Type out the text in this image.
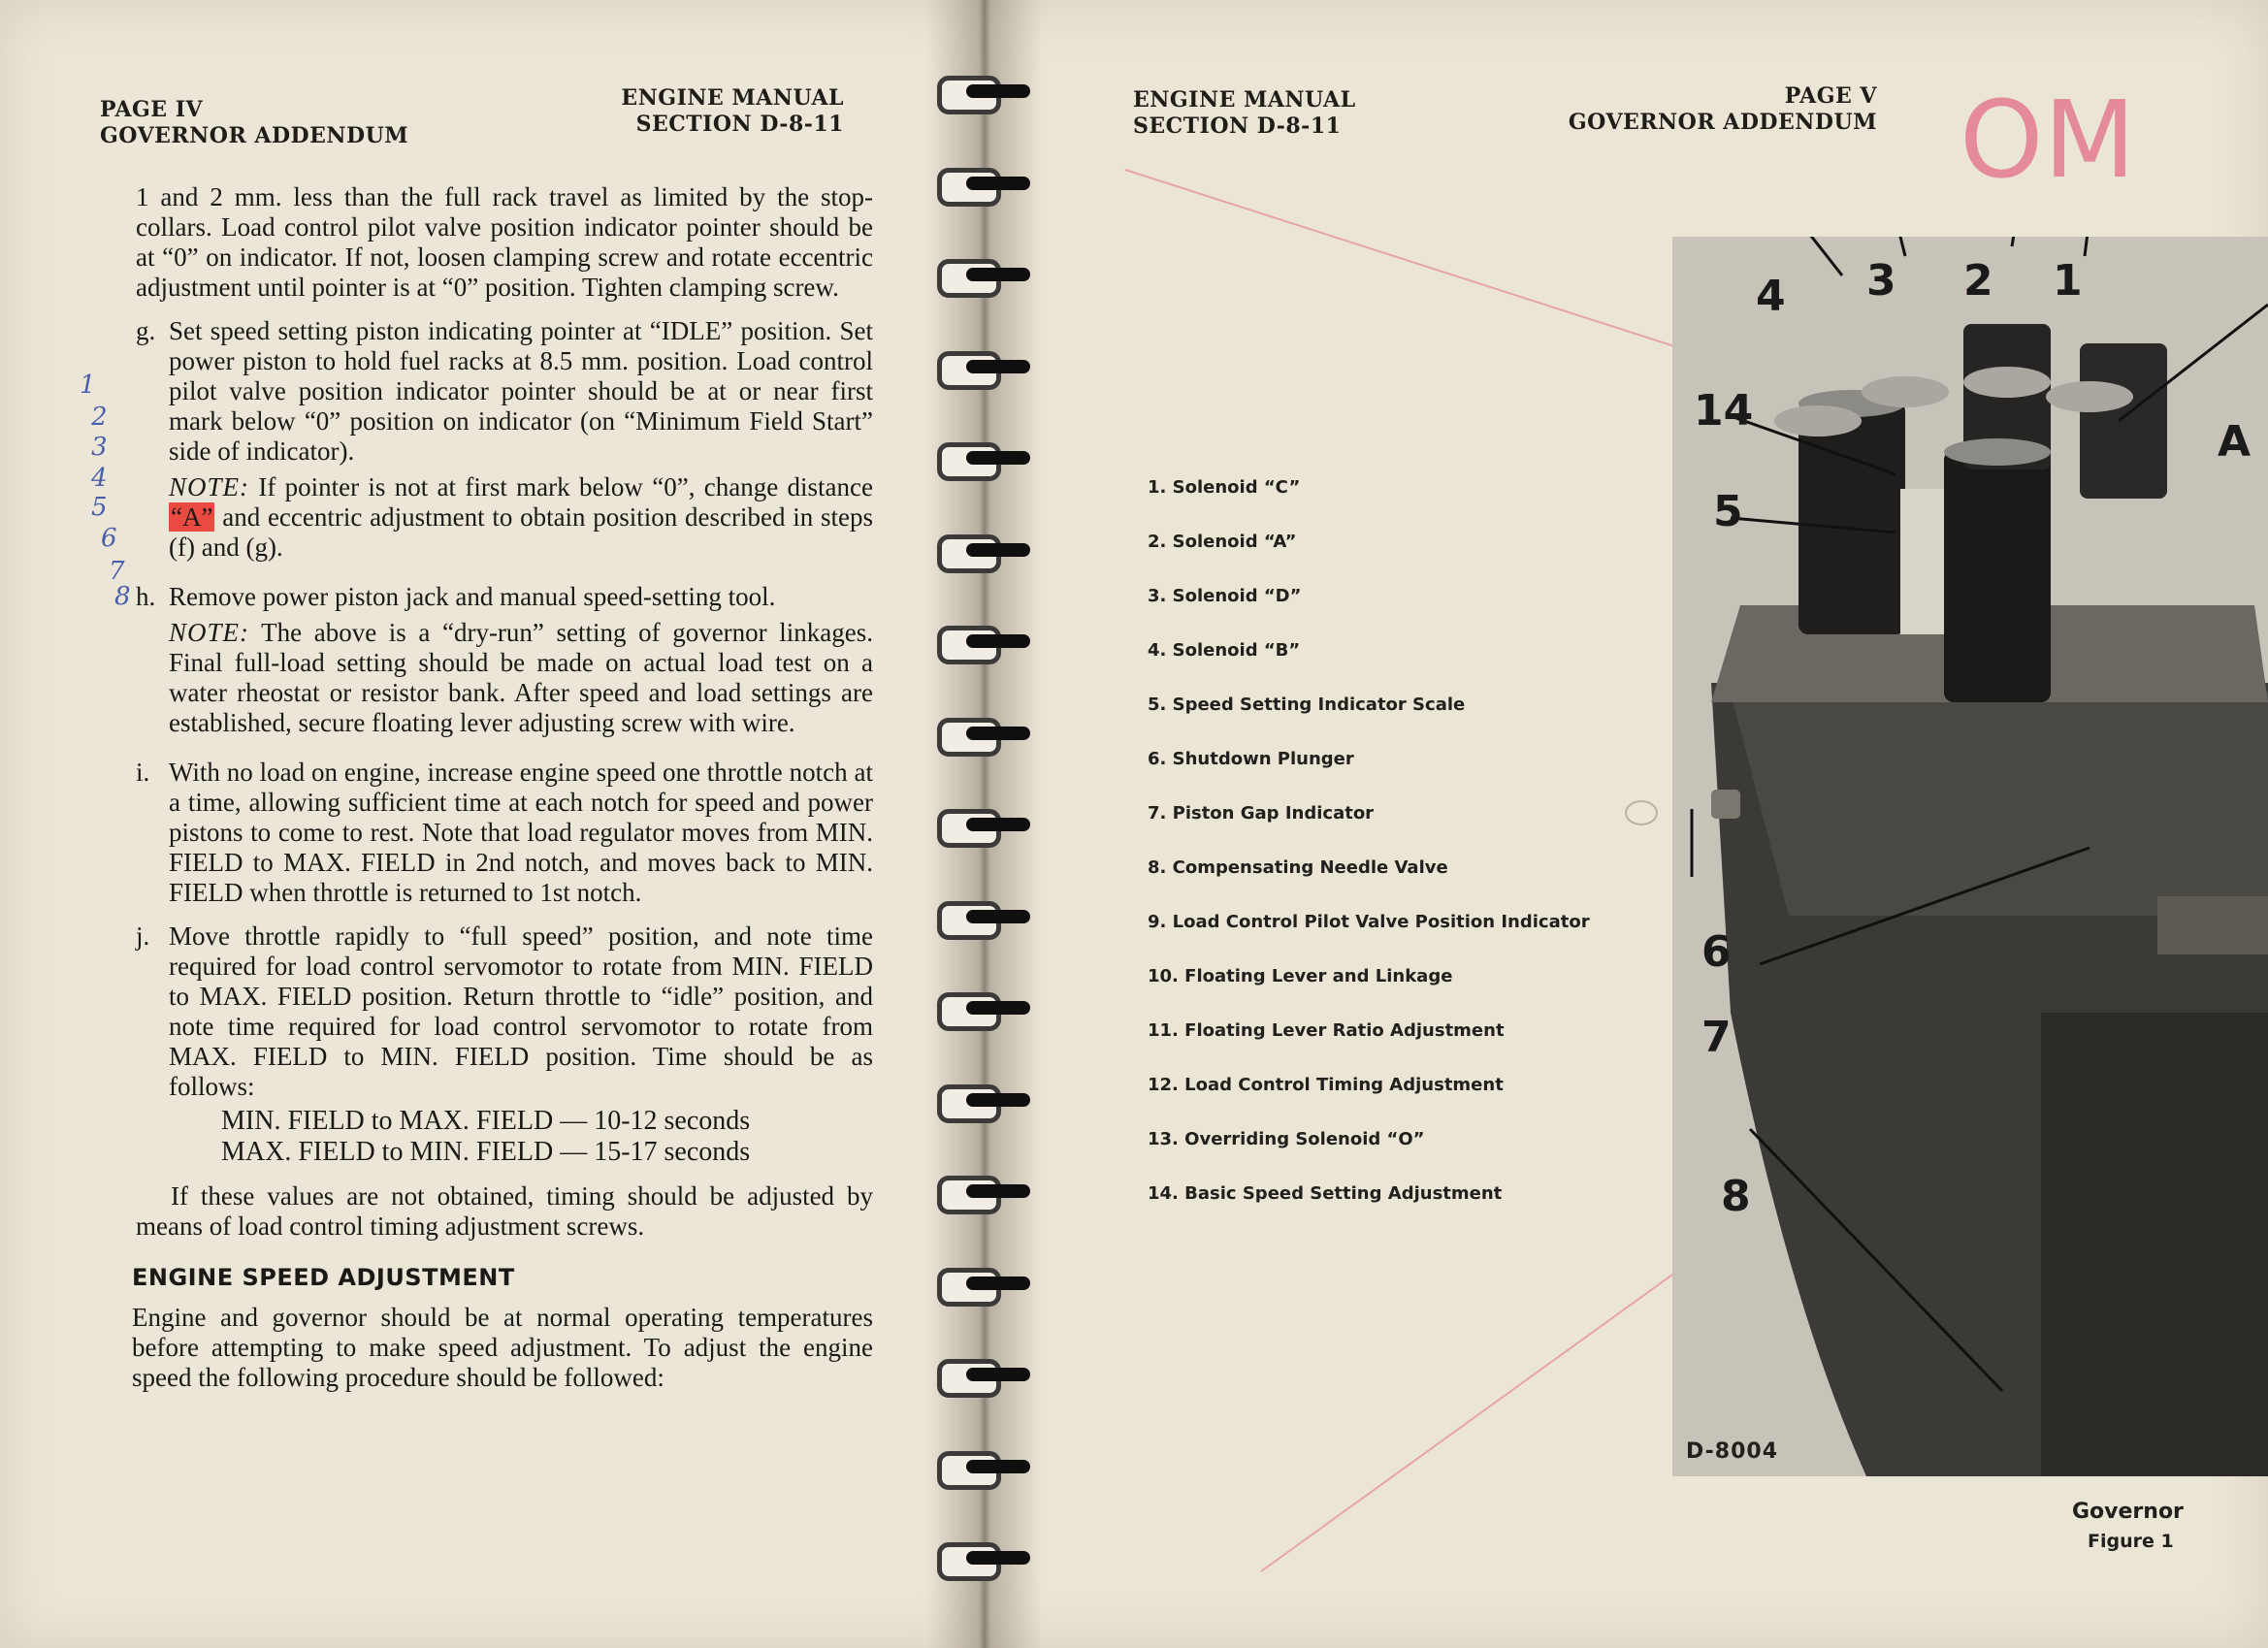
PAGE IV
GOVERNOR ADDENDUM
ENGINE MANUAL
SECTION D-8-11
1
2
3
4
5
6
7
8

1 and 2 mm. less than the full rack travel as limited by the stop-collars. Load control pilot valve position indicator pointer should be at “0” on indicator. If not, loosen clamping screw and rotate eccentric adjustment until pointer is at “0” position. Tighten clamping screw.

g. Set speed setting piston indicating pointer at “IDLE” position. Set power piston to hold fuel racks at 8.5 mm. position. Load control pilot valve position indicator pointer should be at or near first mark below “0” position on indicator (on “Minimum Field Start” side of indicator).
NOTE: If pointer is not at first mark below “0”, change distance “A” and eccentric adjustment to obtain position described in steps (f) and (g).
h. Remove power piston jack and manual speed-setting tool.
NOTE: The above is a “dry-run” setting of governor linkages. Final full-load setting should be made on actual load test on a water rheostat or resistor bank. After speed and load settings are established, secure floating lever adjusting screw with wire.
i. With no load on engine, increase engine speed one throttle notch at a time, allowing sufficient time at each notch for speed and power pistons to come to rest. Note that load regulator moves from MIN. FIELD to MAX. FIELD in 2nd notch, and moves back to MIN. FIELD when throttle is returned to 1st notch.
j. Move throttle rapidly to “full speed” position, and note time required for load control servomotor to rotate from MIN. FIELD to MAX. FIELD position. Return throttle to “idle” position, and note time required for load control servomotor to rotate from MAX. FIELD to MIN. FIELD position. Time should be as follows:
MIN. FIELD to MAX. FIELD — 10-12 seconds
MAX. FIELD to MIN. FIELD — 15-17 seconds

If these values are not obtained, timing should be adjusted by means of load control timing adjustment screws.

ENGINE SPEED ADJUSTMENT

Engine and governor should be at normal operating temperatures before attempting to make speed adjustment. To adjust the engine speed the following procedure should be followed:

ENGINE MANUAL
SECTION D-8-11
PAGE V
GOVERNOR ADDENDUM OM
1. Solenoid “C”
2. Solenoid “A”
3. Solenoid “D”
4. Solenoid “B”
5. Speed Setting Indicator Scale
6. Shutdown Plunger
7. Piston Gap Indicator
8. Compensating Needle Valve
9. Load Control Pilot Valve Position Indicator
10. Floating Lever and Linkage
11. Floating Lever Ratio Adjustment
12. Load Control Timing Adjustment
13. Overriding Solenoid “O”
14. Basic Speed Setting Adjustment
4 3 2 1
14
5
A
6
7
8
D-8004
Governor
Figure 1
